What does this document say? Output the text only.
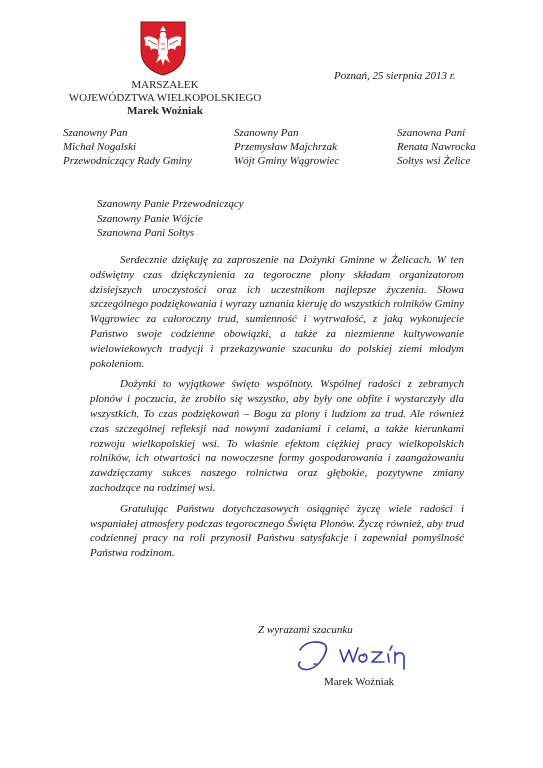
MARSZAŁEK
WOJEWÓDZTWA WIELKOPOLSKIEGO
Marek Woźniak
Poznań, 25 sierpnia 2013 r.
Szanowny Pan
Michał Nogalski
Przewodniczący Rady Gminy
Szanowny Pan
Przemysław Majchrzak
Wójt Gminy Wągrowiec
Szanowna Pani
Renata Nawrocka
Sołtys wsi Żelice
Szanowny Panie Przewodniczący
Szanowny Panie Wójcie
Szanowna Pani Sołtys

Serdecznie dziękuję za zaproszenie na Dożynki Gminne w Żelicach. W ten odświętny czas dziękczynienia za tegoroczne plony składam organizatorom dzisiejszych uroczystości oraz ich uczestnikom najlepsze życzenia. Słowa szczególnego podziękowania i wyrazy uznania kieruję do wszystkich rolników Gminy Wągrowiec za całoroczny trud, sumienność i wytrwałość, z jaką wykonujecie Państwo swoje codzienne obowiązki, a także za niezmienne kultywowanie wielowiekowych tradycji i przekazywanie szacunku do polskiej ziemi młodym pokoleniom.

Dożynki to wyjątkowe święto wspólnoty. Wspólnej radości z zebranych plonów i poczucia, że zrobiło się wszystko, aby były one obfite i wystarczyły dla wszystkich. To czas podziękowań – Bogu za plony i ludziom za trud. Ale również czas szczególnej refleksji nad nowymi zadaniami i celami, a także kierunkami rozwoju wielkopolskiej wsi. To właśnie efektom ciężkiej pracy wielkopolskich rolników, ich otwartości na nowoczesne formy gospodarowania i zaangażowaniu zawdzięczamy sukces naszego rolnictwa oraz głębokie, pozytywne zmiany zachodzące na rodzimej wsi.

Gratulując Państwu dotychczasowych osiągnięć życzę wiele radości i wspaniałej atmosfery podczas tegorocznego Święta Plonów. Życzę również, aby trud codziennej pracy na roli przynosił Państwu satysfakcje i zapewniał pomyślność Państwa rodzinom.

Z wyrazami szacunku
Marek Woźniak
